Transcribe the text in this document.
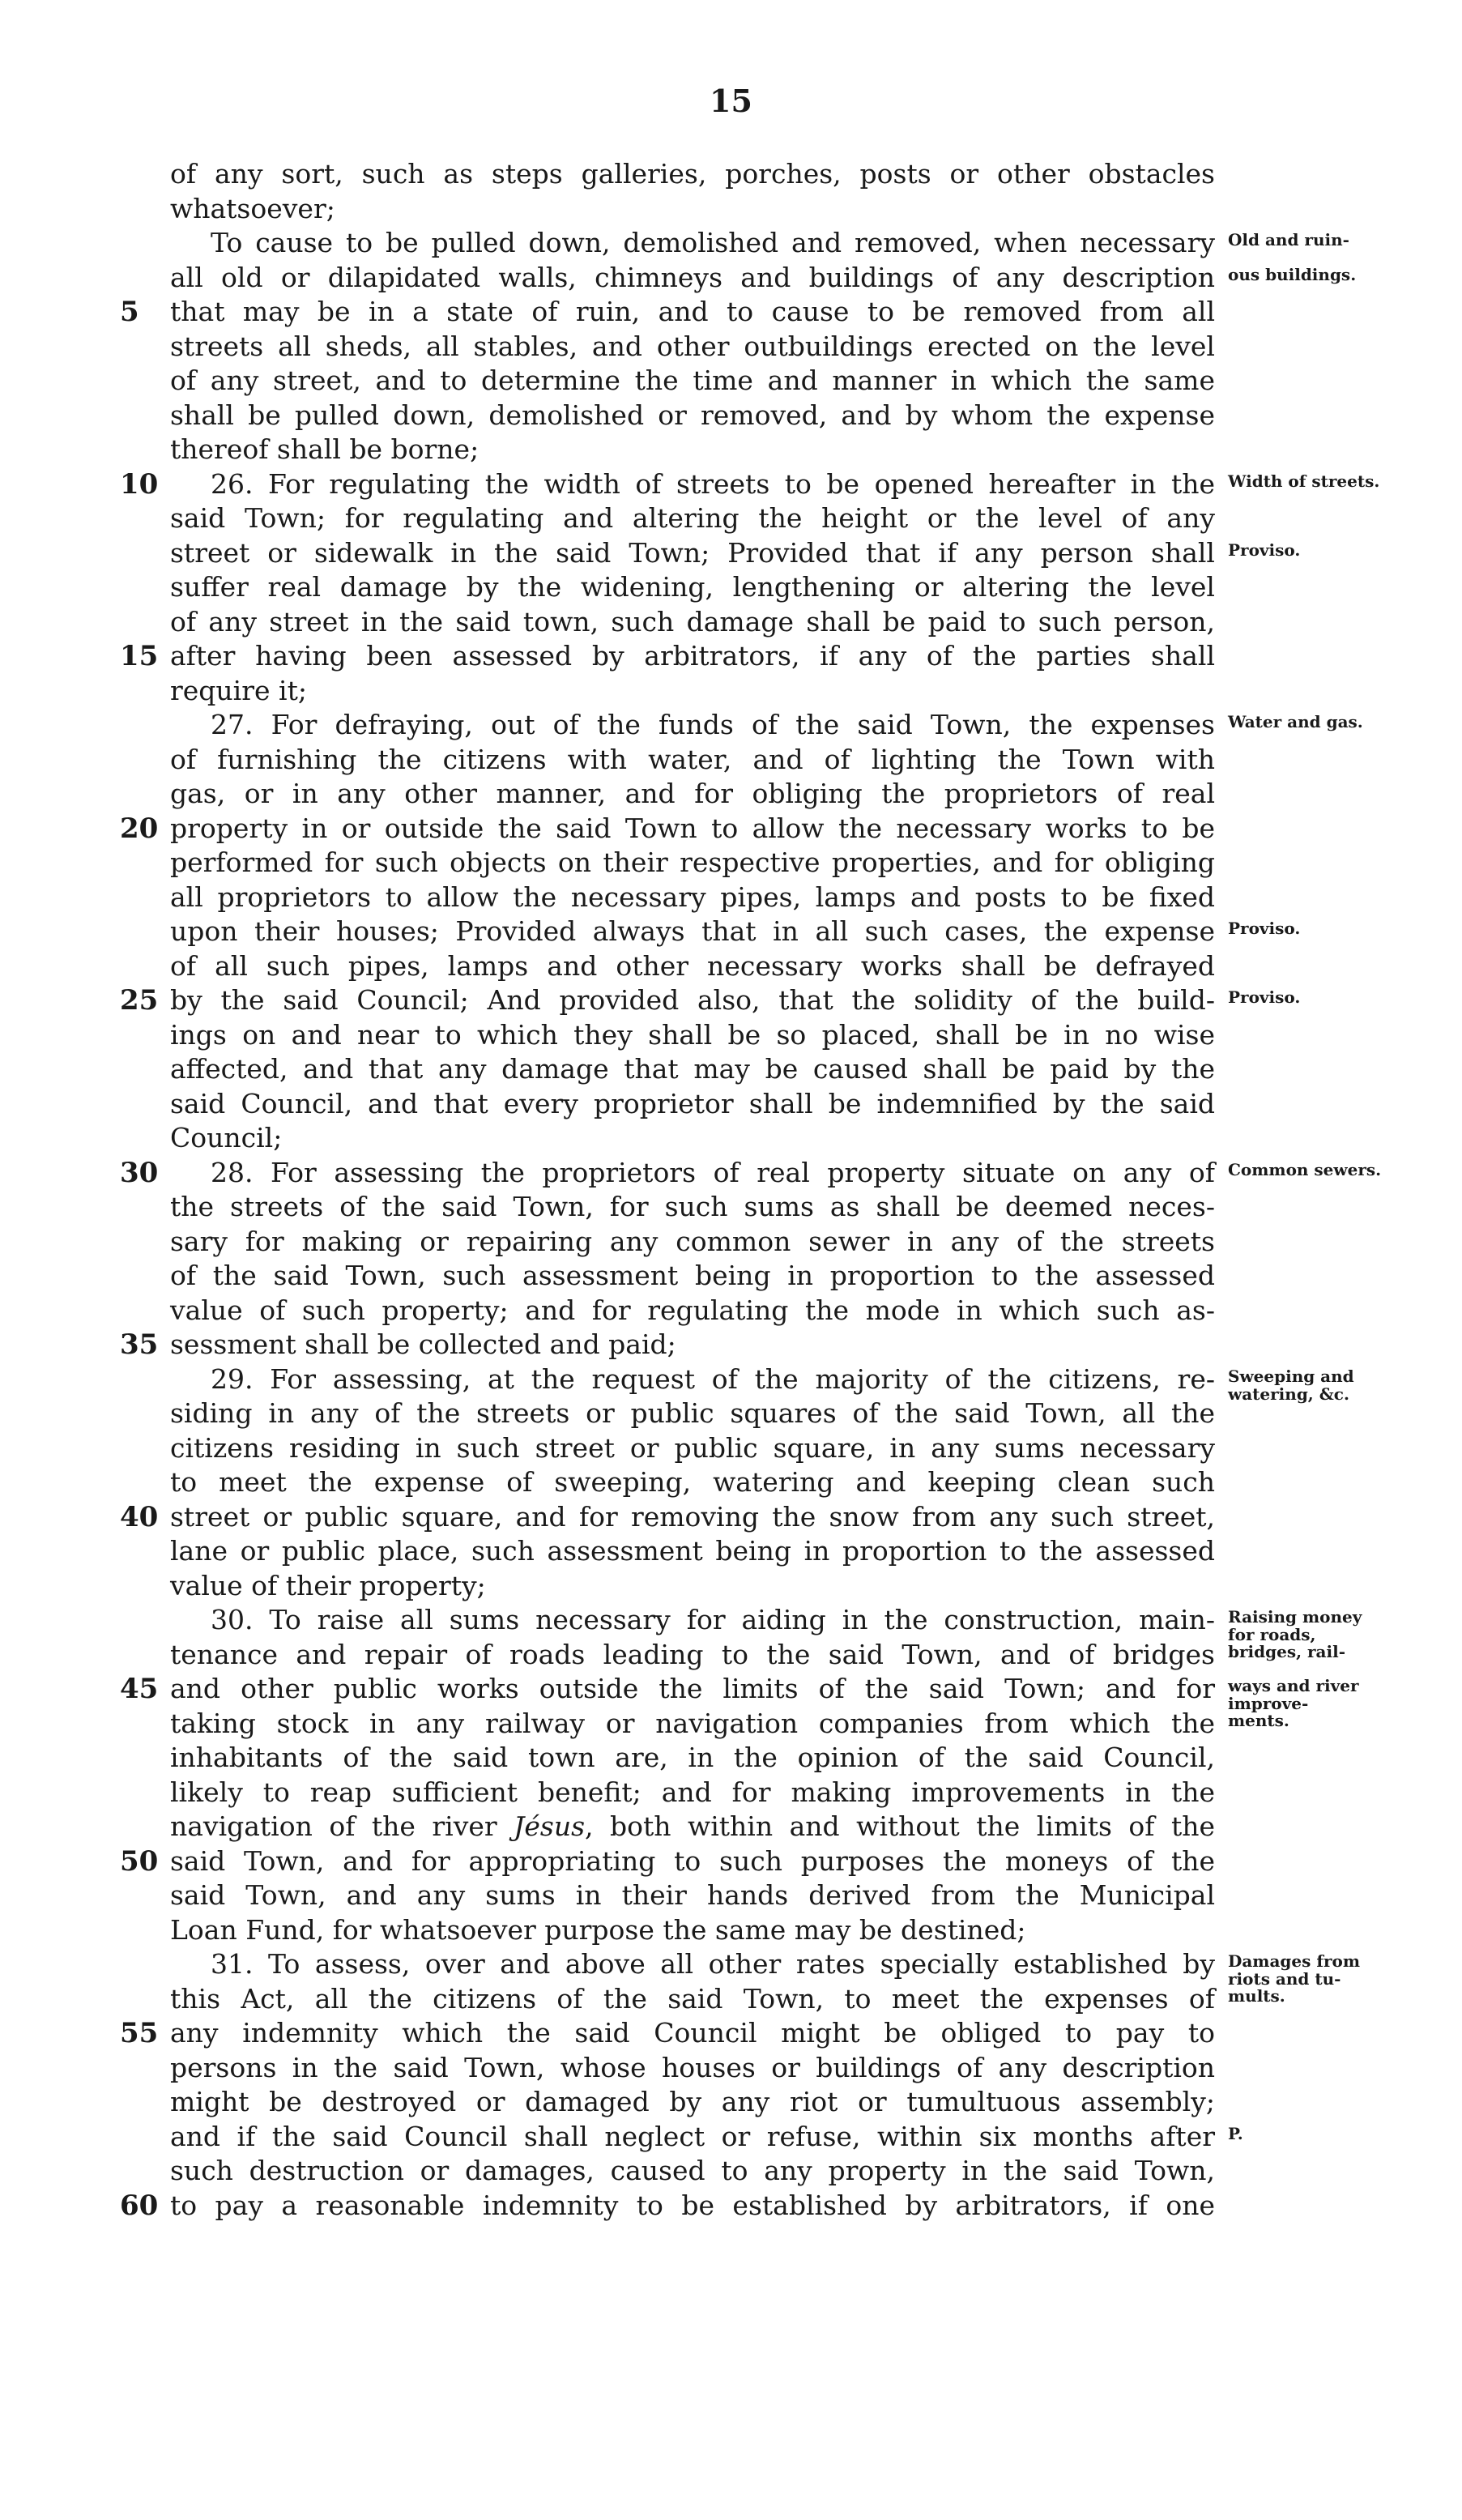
15
of any sort, such as steps galleries, porches, posts or other obstacles
whatsoever;
To cause to be pulled down, demolished and removed, when necessary Old and ruin-
all old or dilapidated walls, chimneys and buildings of any description ous buildings.
that may be in a state of ruin, and to cause to be removed from all
5
streets all sheds, all stables, and other outbuildings erected on the level
of any street, and to determine the time and manner in which the same
shall be pulled down, demolished or removed, and by whom the expense
thereof shall be borne;
26. For regulating the width of streets to be opened hereafter in the
10	Width of streets.
said Town; for regulating and altering the height or the level of any
street or sidewalk in the said Town; Provided that if any person shall Proviso.
suffer real damage by the widening, lengthening or altering the level
of any street in the said town, such damage shall be paid to such person,
after having been assessed by arbitrators, if any of the parties shall
15
require it;
27. For defraying, out of the funds of the said Town, the expenses Water and gas.
of furnishing the citizens with water, and of lighting the Town with
gas, or in any other manner, and for obliging the proprietors of real
property in or outside the said Town to allow the necessary works to be
20
performed for such objects on their respective properties, and for obliging
all proprietors to allow the necessary pipes, lamps and posts to be fixed
upon their houses; Provided always that in all such cases, the expense Proviso.
of all such pipes, lamps and other necessary works shall be defrayed
by the said Council; And provided also, that the solidity of the build-
25	Proviso.
ings on and near to which they shall be so placed, shall be in no wise
affected, and that any damage that may be caused shall be paid by the
said Council, and that every proprietor shall be indemnified by the said
Council;
28. For assessing the proprietors of real property situate on any of
30	Common sewers.
the streets of the said Town, for such sums as shall be deemed neces-
sary for making or repairing any common sewer in any of the streets
of the said Town, such assessment being in proportion to the assessed
value of such property; and for regulating the mode in which such as-
sessment shall be collected and paid;
35
29. For assessing, at the request of the majority of the citizens, re- Sweeping and watering, &c.
siding in any of the streets or public squares of the said Town, all the
citizens residing in such street or public square, in any sums necessary
to meet the expense of sweeping, watering and keeping clean such
street or public square, and for removing the snow from any such street,
40
lane or public place, such assessment being in proportion to the assessed
value of their property;
30. To raise all sums necessary for aiding in the construction, main- Raising money for roads,
tenance and repair of roads leading to the said Town, and of bridges bridges, rail-
and other public works outside the limits of the said Town; and for
45	ways and river improve-
taking stock in any railway or navigation companies from which the ments.
inhabitants of the said town are, in the opinion of the said Council,
likely to reap sufficient benefit; and for making improvements in the
navigation of the river Jésus, both within and without the limits of the
said Town, and for appropriating to such purposes the moneys of the
50
said Town, and any sums in their hands derived from the Municipal
Loan Fund, for whatsoever purpose the same may be destined;
31. To assess, over and above all other rates specially established by Damages from riots and tu-
this Act, all the citizens of the said Town, to meet the expenses of mults.
any indemnity which the said Council might be obliged to pay to
55
persons in the said Town, whose houses or buildings of any description
might be destroyed or damaged by any riot or tumultuous assembly;
and if the said Council shall neglect or refuse, within six months after P.
such destruction or damages, caused to any property in the said Town,
to pay a reasonable indemnity to be established by arbitrators, if one
60
